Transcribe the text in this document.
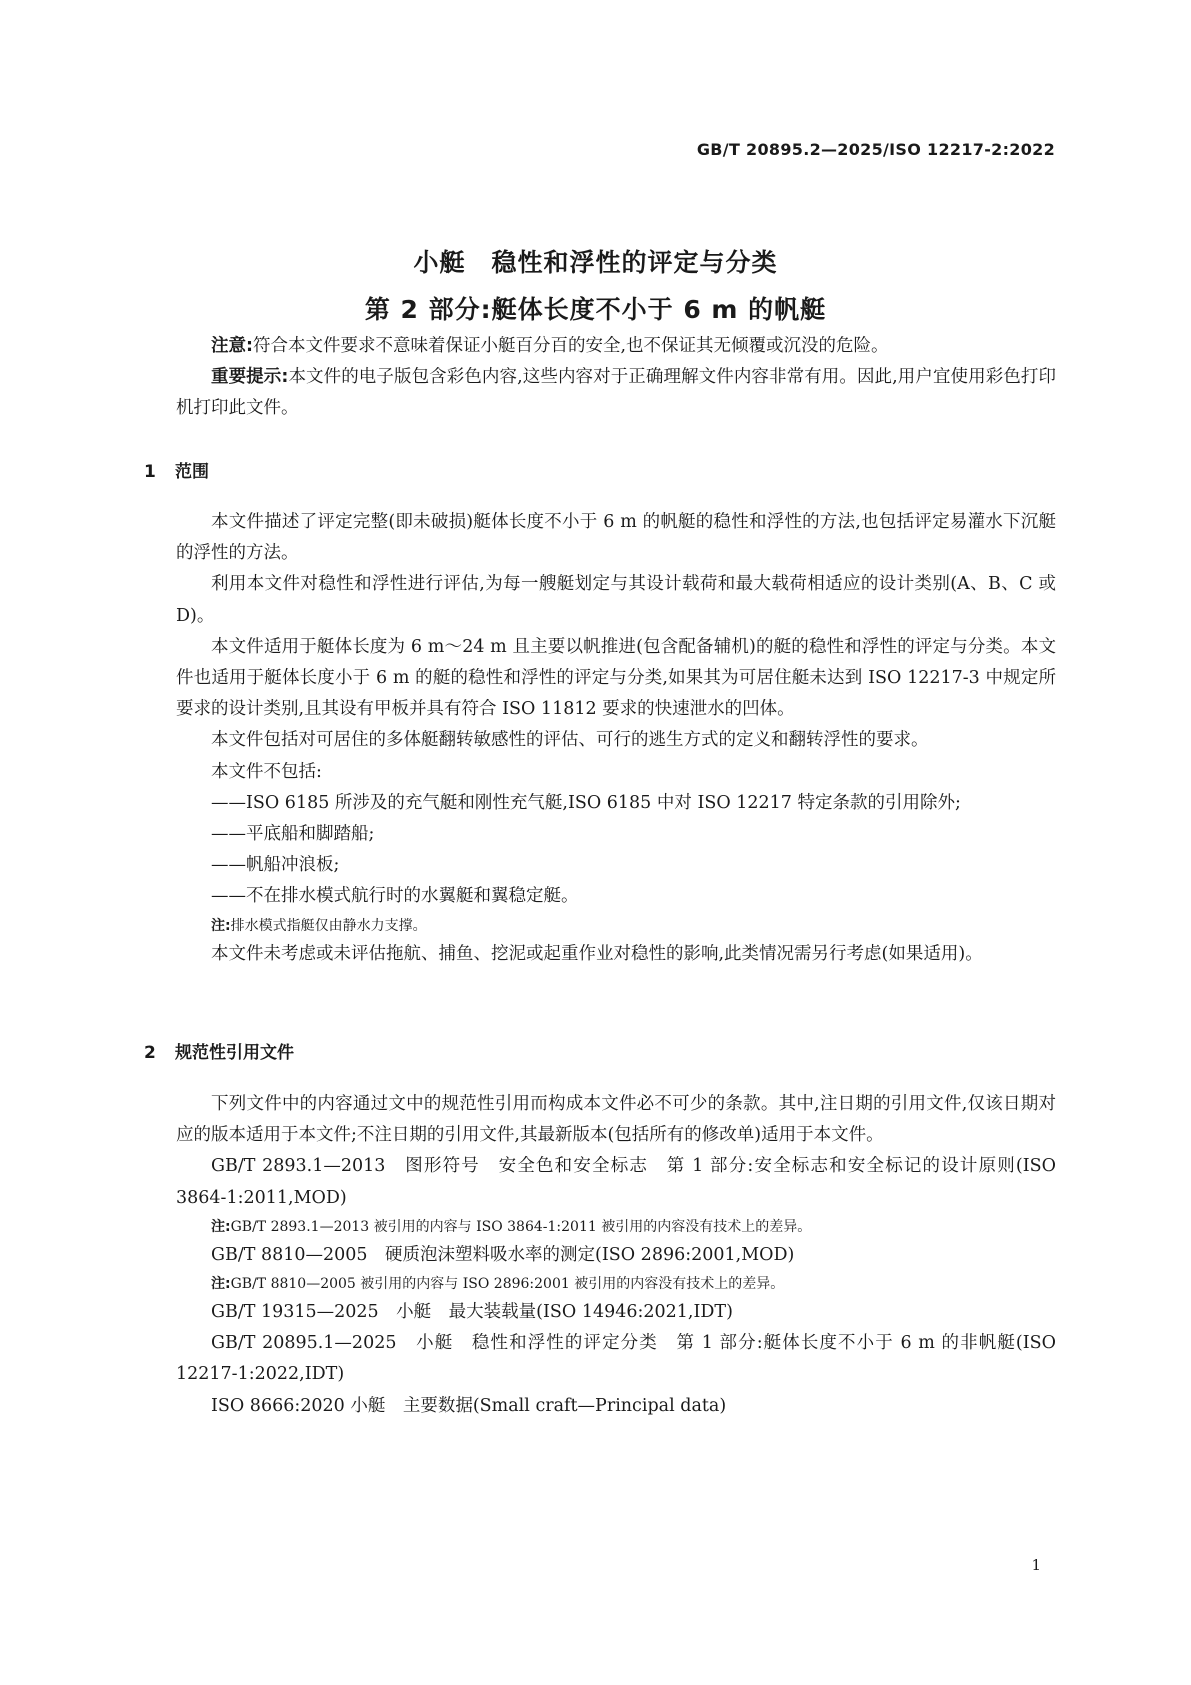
GB/T 20895.2—2025/ISO 12217-2:2022
小艇　稳性和浮性的评定与分类
第 2 部分:艇体长度不小于 6 m 的帆艇

注意:符合本文件要求不意味着保证小艇百分百的安全,也不保证其无倾覆或沉没的危险。

重要提示:本文件的电子版包含彩色内容,这些内容对于正确理解文件内容非常有用。因此,用户宜使用彩色打印机打印此文件。

1 范围

本文件描述了评定完整(即未破损)艇体长度不小于 6 m 的帆艇的稳性和浮性的方法,也包括评定易灌水下沉艇的浮性的方法。

利用本文件对稳性和浮性进行评估,为每一艘艇划定与其设计载荷和最大载荷相适应的设计类别(A、B、C 或 D)。

本文件适用于艇体长度为 6 m～24 m 且主要以帆推进(包含配备辅机)的艇的稳性和浮性的评定与分类。本文件也适用于艇体长度小于 6 m 的艇的稳性和浮性的评定与分类,如果其为可居住艇未达到 ISO 12217-3 中规定所要求的设计类别,且其设有甲板并具有符合 ISO 11812 要求的快速泄水的凹体。

本文件包括对可居住的多体艇翻转敏感性的评估、可行的逃生方式的定义和翻转浮性的要求。

本文件不包括:

——ISO 6185 所涉及的充气艇和刚性充气艇,ISO 6185 中对 ISO 12217 特定条款的引用除外;

——平底船和脚踏船;

——帆船冲浪板;

——不在排水模式航行时的水翼艇和翼稳定艇。

注:排水模式指艇仅由静水力支撑。

本文件未考虑或未评估拖航、捕鱼、挖泥或起重作业对稳性的影响,此类情况需另行考虑(如果适用)。

2 规范性引用文件

下列文件中的内容通过文中的规范性引用而构成本文件必不可少的条款。其中,注日期的引用文件,仅该日期对应的版本适用于本文件;不注日期的引用文件,其最新版本(包括所有的修改单)适用于本文件。

GB/T 2893.1—2013　图形符号　安全色和安全标志　第 1 部分:安全标志和安全标记的设计原则(ISO 3864-1:2011,MOD)

注:GB/T 2893.1—2013 被引用的内容与 ISO 3864-1:2011 被引用的内容没有技术上的差异。

GB/T 8810—2005　硬质泡沫塑料吸水率的测定(ISO 2896:2001,MOD)

注:GB/T 8810—2005 被引用的内容与 ISO 2896:2001 被引用的内容没有技术上的差异。

GB/T 19315—2025　小艇　最大装载量(ISO 14946:2021,IDT)

GB/T 20895.1—2025　小艇　稳性和浮性的评定分类　第 1 部分:艇体长度不小于 6 m 的非帆艇(ISO 12217-1:2022,IDT)

ISO 8666:2020 小艇　主要数据(Small craft—Principal data)

1
